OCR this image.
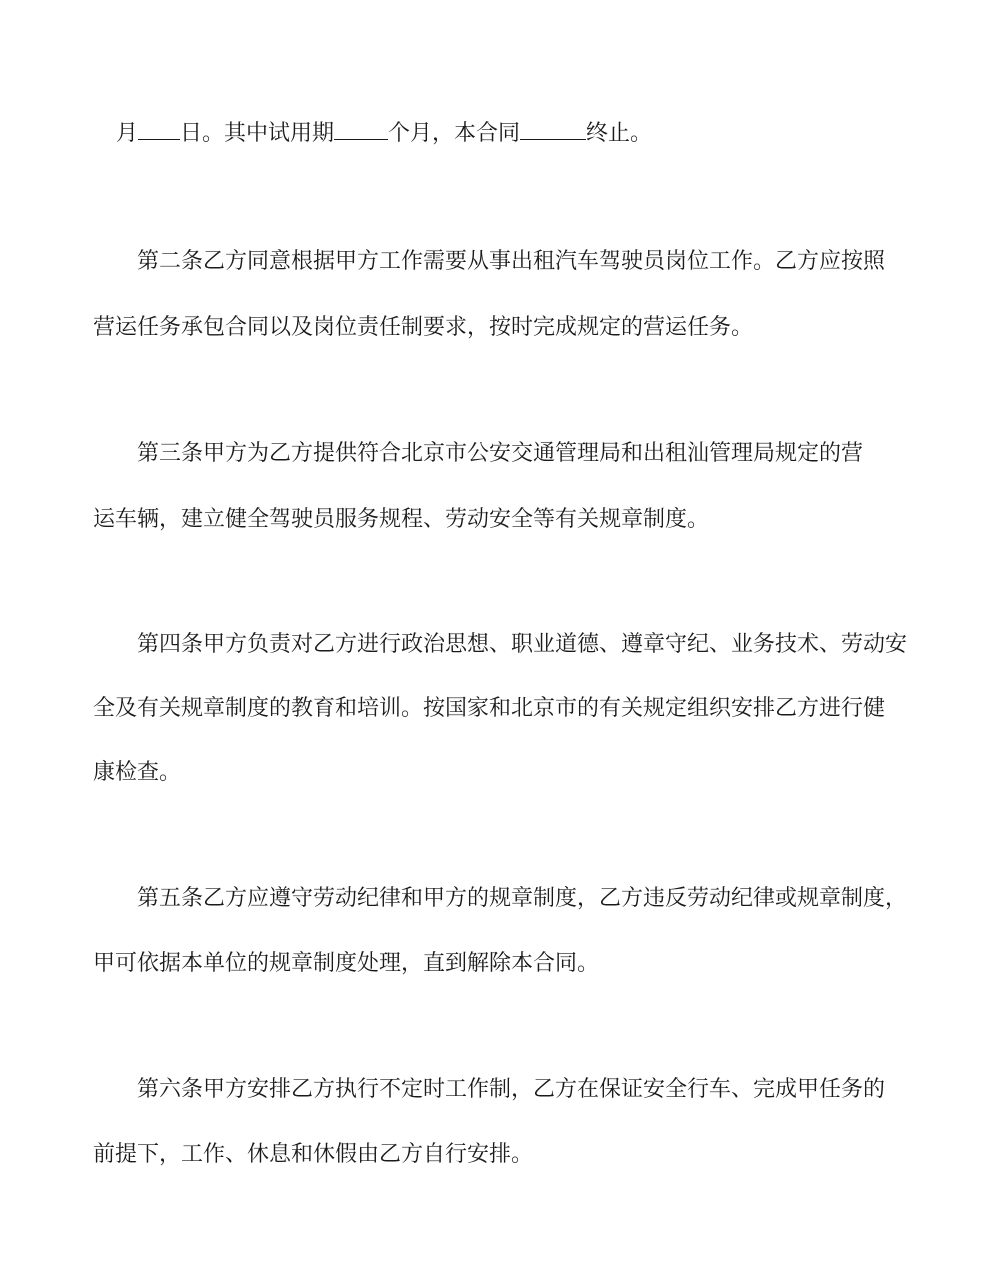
月 日。其中试用期 个月，本合同	终止。
第二条乙方同意根据甲方工作需要从事出租汽车驾驶员岗位工作。乙方应按照
营运任务承包合同以及岗位责任制要求，按时完成规定的营运任务。
第三条甲方为乙方提供符合北京市公安交通管理局和出租汕管理局规定的营
运车辆，建立健全驾驶员服务规程、劳动安全等有关规章制度。
第四条甲方负责对乙方进行政治思想、职业道德、遵章守纪、业务技术、劳动安
全及有关规章制度的教育和培训。按国家和北京市的有关规定组织安排乙方进行健
康检查。
第五条乙方应遵守劳动纪律和甲方的规章制度，乙方违反劳动纪律或规章制度，
甲可依据本单位的规章制度处理，直到解除本合同。
第六条甲方安排乙方执行不定时工作制，乙方在保证安全行车、完成甲任务的
前提下，工作、休息和休假由乙方自行安排。
